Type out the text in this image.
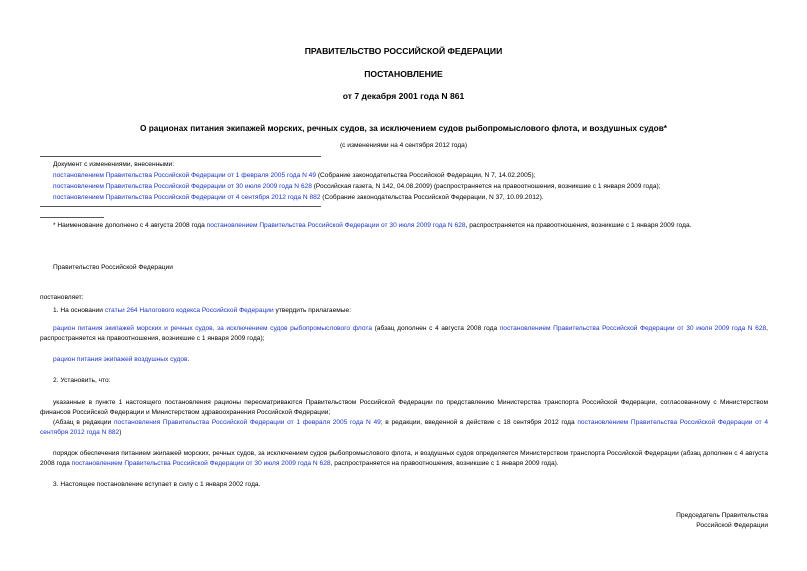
ПРАВИТЕЛЬСТВО РОССИЙСКОЙ ФЕДЕРАЦИИ
ПОСТАНОВЛЕНИЕ
от 7 декабря 2001 года N 861
О рационах питания экипажей морских, речных судов, за исключением судов рыбопромыслового флота, и воздушных судов*
(с изменениями на 4 сентября 2012 года)
Документ с изменениями, внесенными:
постановлением Правительства Российской Федерации от 1 февраля 2005 года N 49 (Собрание законодательства Российской Федерации, N 7, 14.02.2005);
постановлением Правительства Российской Федерации от 30 июля 2009 года N 628 (Российская газета, N 142, 04.08.2009) (распространяется на правоотношения, возникшие с 1 января 2009 года);
постановлением Правительства Российской Федерации от 4 сентября 2012 года N 882 (Собрание законодательства Российской Федерации, N 37, 10.09.2012).
* Наименование дополнено с 4 августа 2008 года постановлением Правительства Российской Федерации от 30 июля 2009 года N 628, распространяется на правоотношения, возникшие с 1 января 2009 года.
Правительство Российской Федерации
постановляет:
1. На основании статьи 264 Налогового кодекса Российской Федерации утвердить прилагаемые:
рацион питания экипажей морских и речных судов, за исключением судов рыбопромыслового флота (абзац дополнен с 4 августа 2008 года постановлением Правительства Российской Федерации от 30 июля 2009 года N 628, распространяется на правоотношения, возникшие с 1 января 2009 года);
рацион питания экипажей воздушных судов.
2. Установить, что:
указанные в пункте 1 настоящего постановления рационы пересматриваются Правительством Российской Федерации по представлению Министерства транспорта Российской Федерации, согласованному с Министерством финансов Российской Федерации и Министерством здравоохранения Российской Федерации;
(Абзац в редакции постановления Правительства Российской Федерации от 1 февраля 2005 года N 49; в редакции, введенной в действие с 18 сентября 2012 года постановлением Правительства Российской Федерации от 4 сентября 2012 года N 882)
порядок обеспечения питанием экипажей морских, речных судов, за исключением судов рыбопромыслового флота, и воздушных судов определяется Министерством транспорта Российской Федерации (абзац дополнен с 4 августа 2008 года постановлением Правительства Российской Федерации от 30 июля 2009 года N 628, распространяется на правоотношения, возникшие с 1 января 2009 года).
3. Настоящее постановление вступает в силу с 1 января 2002 года.
Председатель Правительства
Российской Федерации
